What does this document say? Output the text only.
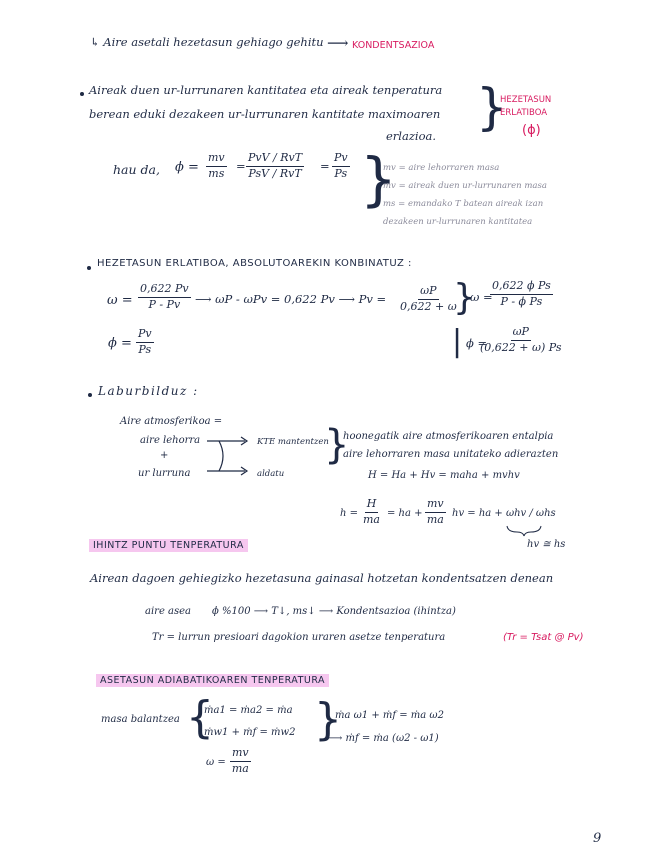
↳ Aire asetali hezetasun gehiago gehitu ⟶ KONDENTSAZIOA
Aireak duen ur-lurrunaren kantitatea eta aireak tenperatura
berean eduki dezakeen ur-lurrunaren kantitate maximoaren
erlazioa. }
HEZETASUN
ERLATIBOA
(ϕ)
hau da, $\phi = \frac{mv}{ms}$ =
PvV / RvT
PsV / RvT
= $\frac{Pv}{Ps}$ }
mv = aire lehorraren masa
mv = aireak duen ur-lurrunaren masa
ms = emandako T batean aireak izan
dezakeen ur-lurrunaren kantitatea
HEZETASUN ERLATIBOA, ABSOLUTOAREKIN KONBINATUZ :
$\omega = \frac{0,622 Pv}{P - Pv}$ ⟶ ωP - ωPv = 0,622 Pv ⟶ $Pv = \frac{\omega P}{0,622 + \omega}$
$\phi = \frac{Pv}{Ps}$
}
ω =
$\frac{\text{0,622 ϕ Ps}}{\text{P - ϕ Ps}}$
| ϕ =
$\frac{\omega P}{(0,622 + \omega) Ps}$
Laburbilduz :
Aire atmosferikoa =
aire lehorra
+
ur lurruna
KTE mantentzen
aldatu
}
hoonegatik aire atmosferikoaren entalpia
aire lehorraren masa unitateko adierazten
H = Ha + Hv = maha + mvhv
$h = \frac{H}{ma}$ = ha + $\frac{mv}{ma}$ hv = ha + ωhv / ωhs
hv ≅ hs
IHINTZ PUNTU TENPERATURA
Airean dagoen gehiegizko hezetasuna gainasal hotzetan kondentsatzen denean
aire asea ϕ %100 ⟶ T↓, ms↓ ⟶ Kondentsazioa (ihintza)
Tr = lurrun presioari dagokion uraren asetze tenperatura	(Tr = Tsat @ Pv)
ASETASUN ADIABATIKOAREN TENPERATURA
masa balantzea {
ṁa1 = ṁa2 = ṁa
ṁw1 + ṁf = ṁw2
$\omega = \frac{mv}{ma}$
}
ṁa ω1 + ṁf = ṁa ω2
⟶ ṁf = ṁa (ω2 - ω1)
9
